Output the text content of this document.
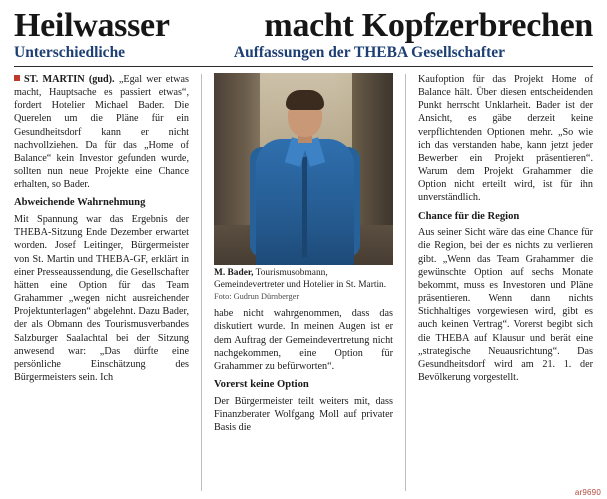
Heilwasser	macht Kopfzerbrechen
Unterschiedliche	Auffassungen der THEBA Gesellschafter

ST. MARTIN (gud). „Egal wer etwas macht, Hauptsache es passiert etwas“, fordert Hotelier Michael Bader. Die Querelen um die Pläne für ein Gesundheitsdorf kann er nicht nachvollziehen. Da für das „Home of Balance“ kein Investor gefunden wurde, sollten nun neue Projekte eine Chance erhalten, so Bader.

Abweichende Wahrnehmung

Mit Spannung war das Ergebnis der THEBA-Sitzung Ende Dezember erwartet worden. Josef Leitinger, Bürgermeister von St. Martin und THEBA-GF, erklärt in einer Presseaussendung, die Gesellschafter hätten eine Option für das Team Grahammer „wegen nicht ausreichender Projektunterlagen“ abgelehnt. Dazu Bader, der als Obmann des Tourismusverbandes Salzburger Saalachtal bei der Sitzung anwesend war: „Das dürfte eine persönliche Einschätzung des Bürgermeisters sein. Ich

M. Bader, Tourismusobmann, Gemeindevertreter und Hotelier in St. Martin.
Foto: Gudrun Dürnberger

habe nicht wahrgenommen, dass das diskutiert wurde. In meinen Augen ist er dem Auftrag der Gemeindevertretung nicht nachgekommen, eine Option für Grahammer zu befürworten“.

Vorerst keine Option

Der Bürgermeister teilt weiters mit, dass Finanzberater Wolfgang Moll auf privater Basis die

Kaufoption für das Projekt Home of Balance hält. Über diesen entscheidenden Punkt herrscht Unklarheit. Bader ist der Ansicht, es gäbe derzeit keine verpflichtenden Optionen mehr. „So wie ich das verstanden habe, kann jetzt jeder Bewerber ein Projekt präsentieren“. Warum dem Projekt Grahammer die Option nicht erteilt wird, ist für ihn unverständlich.

Chance für die Region

Aus seiner Sicht wäre das eine Chance für die Region, bei der es nichts zu verlieren gibt. „Wenn das Team Grahammer die gewünschte Option auf sechs Monate bekommt, muss es Investoren und Pläne präsentieren. Wenn dann nichts Stichhaltiges vorgewiesen wird, gibt es auch keinen Vertrag“. Vorerst begibt sich die THEBA auf Klausur und berät eine „strategische Neuausrichtung“. Das Gesundheitsdorf wird am 21. 1. der Bevölkerung vorgestellt.

ar9690
